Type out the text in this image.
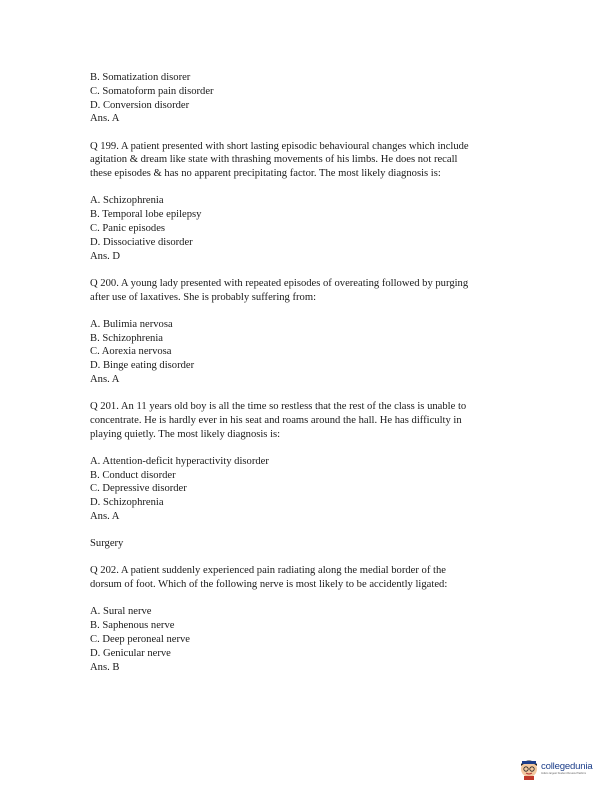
B. Somatization disorer
C. Somatoform pain disorder
D. Conversion disorder
Ans. A
Q 199. A patient presented with short lasting episodic behavioural changes which include
agitation & dream like state with thrashing movements of his limbs. He does not recall
these episodes & has no apparent precipitating factor. The most likely diagnosis is:
A. Schizophrenia
B. Temporal lobe epilepsy
C. Panic episodes
D. Dissociative disorder
Ans. D
Q 200. A young lady presented with repeated episodes of overeating followed by purging
after use of laxatives. She is probably suffering from:
A. Bulimia nervosa
B. Schizophrenia
C. Aorexia nervosa
D. Binge eating disorder
Ans. A
Q 201. An 11 years old boy is all the time so restless that the rest of the class is unable to
concentrate. He is hardly ever in his seat and roams around the hall. He has difficulty in
playing quietly. The most likely diagnosis is:
A. Attention-deficit hyperactivity disorder
B. Conduct disorder
C. Depressive disorder
D. Schizophrenia
Ans. A
Surgery
Q 202. A patient suddenly experienced pain radiating along the medial border of the
dorsum of foot. Which of the following nerve is most likely to be accidently ligated:
A. Sural nerve
B. Saphenous nerve
C. Deep peroneal nerve
D. Genicular nerve
Ans. B
collegedunia
India's largest Student Review Platform
